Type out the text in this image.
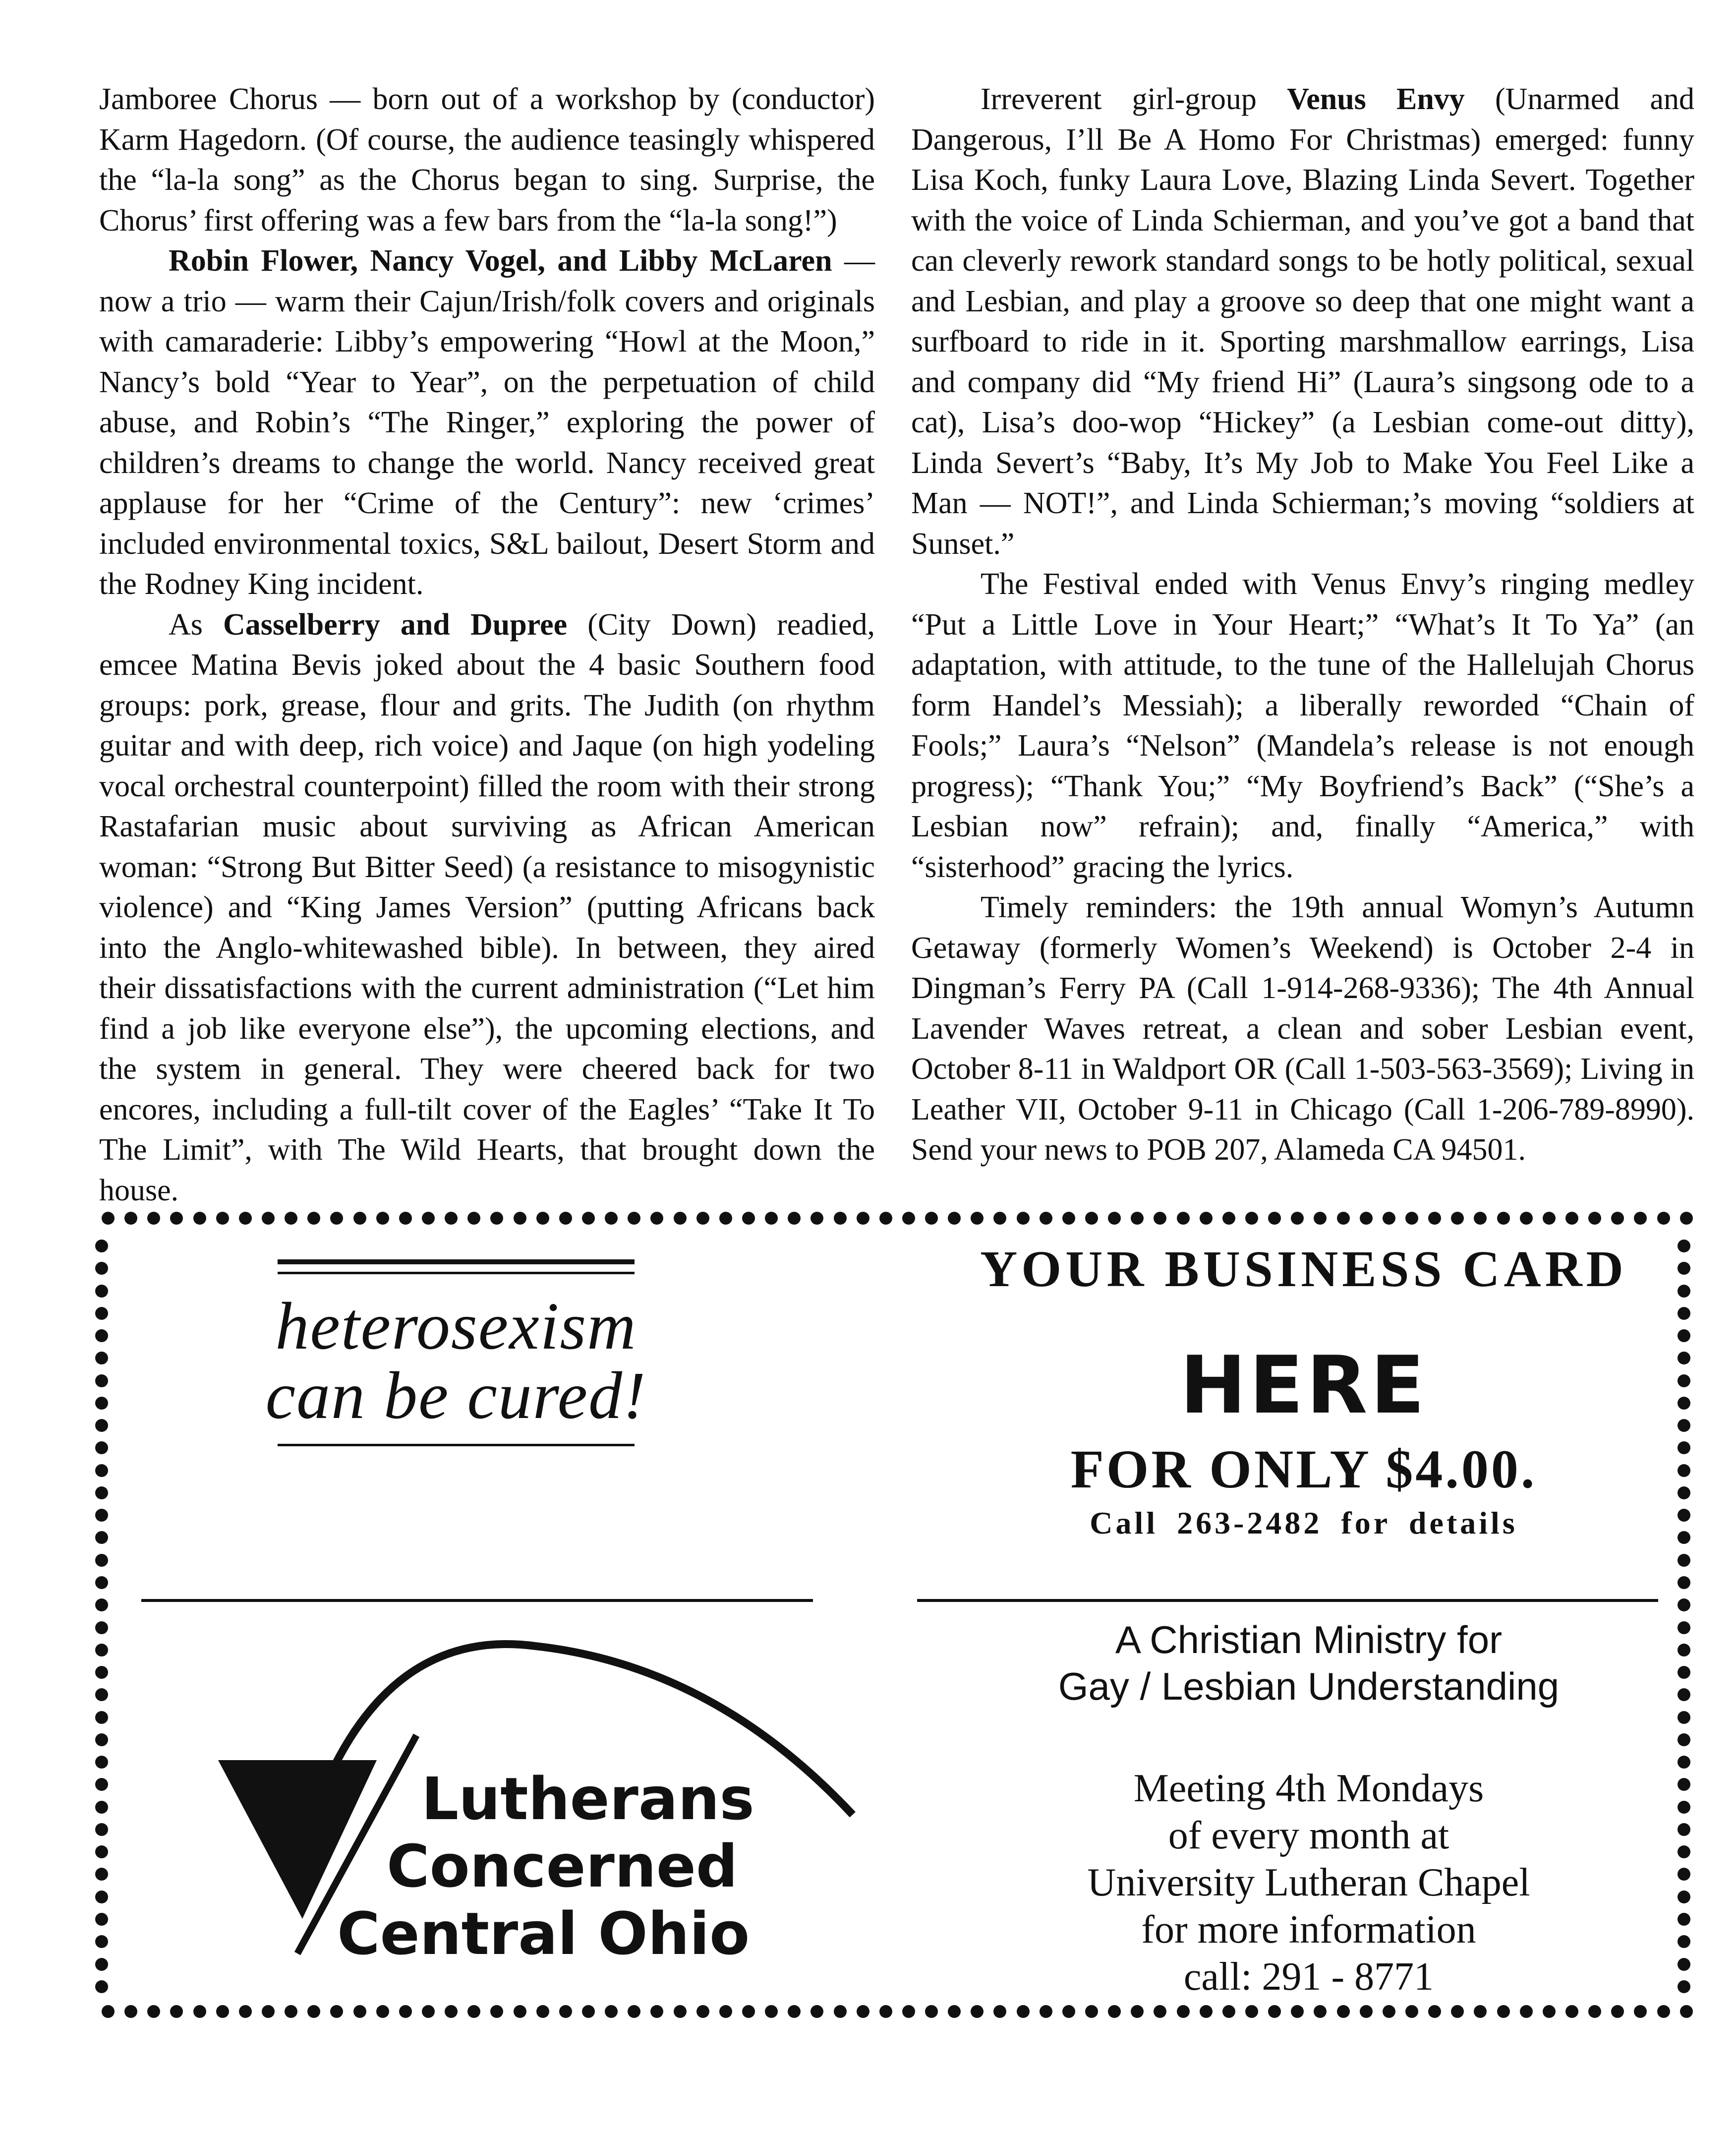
Jamboree Chorus — born out of a workshop by (conductor) Karm Hagedorn. (Of course, the audience teasingly whispered the “la-la song” as the Chorus began to sing. Surprise, the Chorus’ first offering was a few bars from the “la-la song!”)

Robin Flower, Nancy Vogel, and Libby McLaren — now a trio — warm their Cajun/Irish/folk covers and originals with camaraderie: Libby’s empowering “Howl at the Moon,” Nancy’s bold “Year to Year”, on the perpetuation of child abuse, and Robin’s “The Ringer,” exploring the power of children’s dreams to change the world. Nancy received great applause for her “Crime of the Century”: new ‘crimes’ included environmental toxics, S&L bailout, Desert Storm and the Rodney King incident.

As Casselberry and Dupree (City Down) readied, emcee Matina Bevis joked about the 4 basic Southern food groups: pork, grease, flour and grits. The Judith (on rhythm guitar and with deep, rich voice) and Jaque (on high yodeling vocal orchestral counterpoint) filled the room with their strong Rastafarian music about surviving as African American woman: “Strong But Bitter Seed) (a resistance to misogynistic violence) and “King James Version” (putting Africans back into the Anglo-whitewashed bible). In between, they aired their dissatisfactions with the current administration (“Let him find a job like everyone else”), the upcoming elections, and the system in general. They were cheered back for two encores, including a full-tilt cover of the Eagles’ “Take It To The Limit”, with The Wild Hearts, that brought down the house.

Irreverent girl-group Venus Envy (Unarmed and Dangerous, I’ll Be A Homo For Christmas) emerged: funny Lisa Koch, funky Laura Love, Blazing Linda Severt. Together with the voice of Linda Schierman, and you’ve got a band that can cleverly rework standard songs to be hotly political, sexual and Lesbian, and play a groove so deep that one might want a surfboard to ride in it. Sporting marshmallow earrings, Lisa and company did “My friend Hi” (Laura’s singsong ode to a cat), Lisa’s doo-wop “Hickey” (a Lesbian come-out ditty), Linda Severt’s “Baby, It’s My Job to Make You Feel Like a Man — NOT!”, and Linda Schierman;’s moving “soldiers at Sunset.”

The Festival ended with Venus Envy’s ringing medley “Put a Little Love in Your Heart;” “What’s It To Ya” (an adaptation, with attitude, to the tune of the Hallelujah Chorus form Handel’s Messiah); a liberally reworded “Chain of Fools;” Laura’s “Nelson” (Mandela’s release is not enough progress); “Thank You;” “My Boyfriend’s Back” (“She’s a Lesbian now” refrain); and, finally “America,” with “sisterhood” gracing the lyrics.

Timely reminders: the 19th annual Womyn’s Autumn Getaway (formerly Women’s Weekend) is October 2-4 in Dingman’s Ferry PA (Call 1-914-268-9336); The 4th Annual Lavender Waves retreat, a clean and sober Lesbian event, October 8-11 in Waldport OR (Call 1-503-563-3569); Living in Leather VII, October 9-11 in Chicago (Call 1-206-789-8990). Send your news to POB 207, Alameda CA 94501.

heterosexism
can be cured!
YOUR BUSINESS CARD
HERE
FOR ONLY $4.00.
Call 263-2482 for details
Lutherans
Concerned
Central Ohio
A Christian Ministry for
Gay / Lesbian Understanding
Meeting 4th Mondays
of every month at
University Lutheran Chapel
for more information
call: 291 - 8771
